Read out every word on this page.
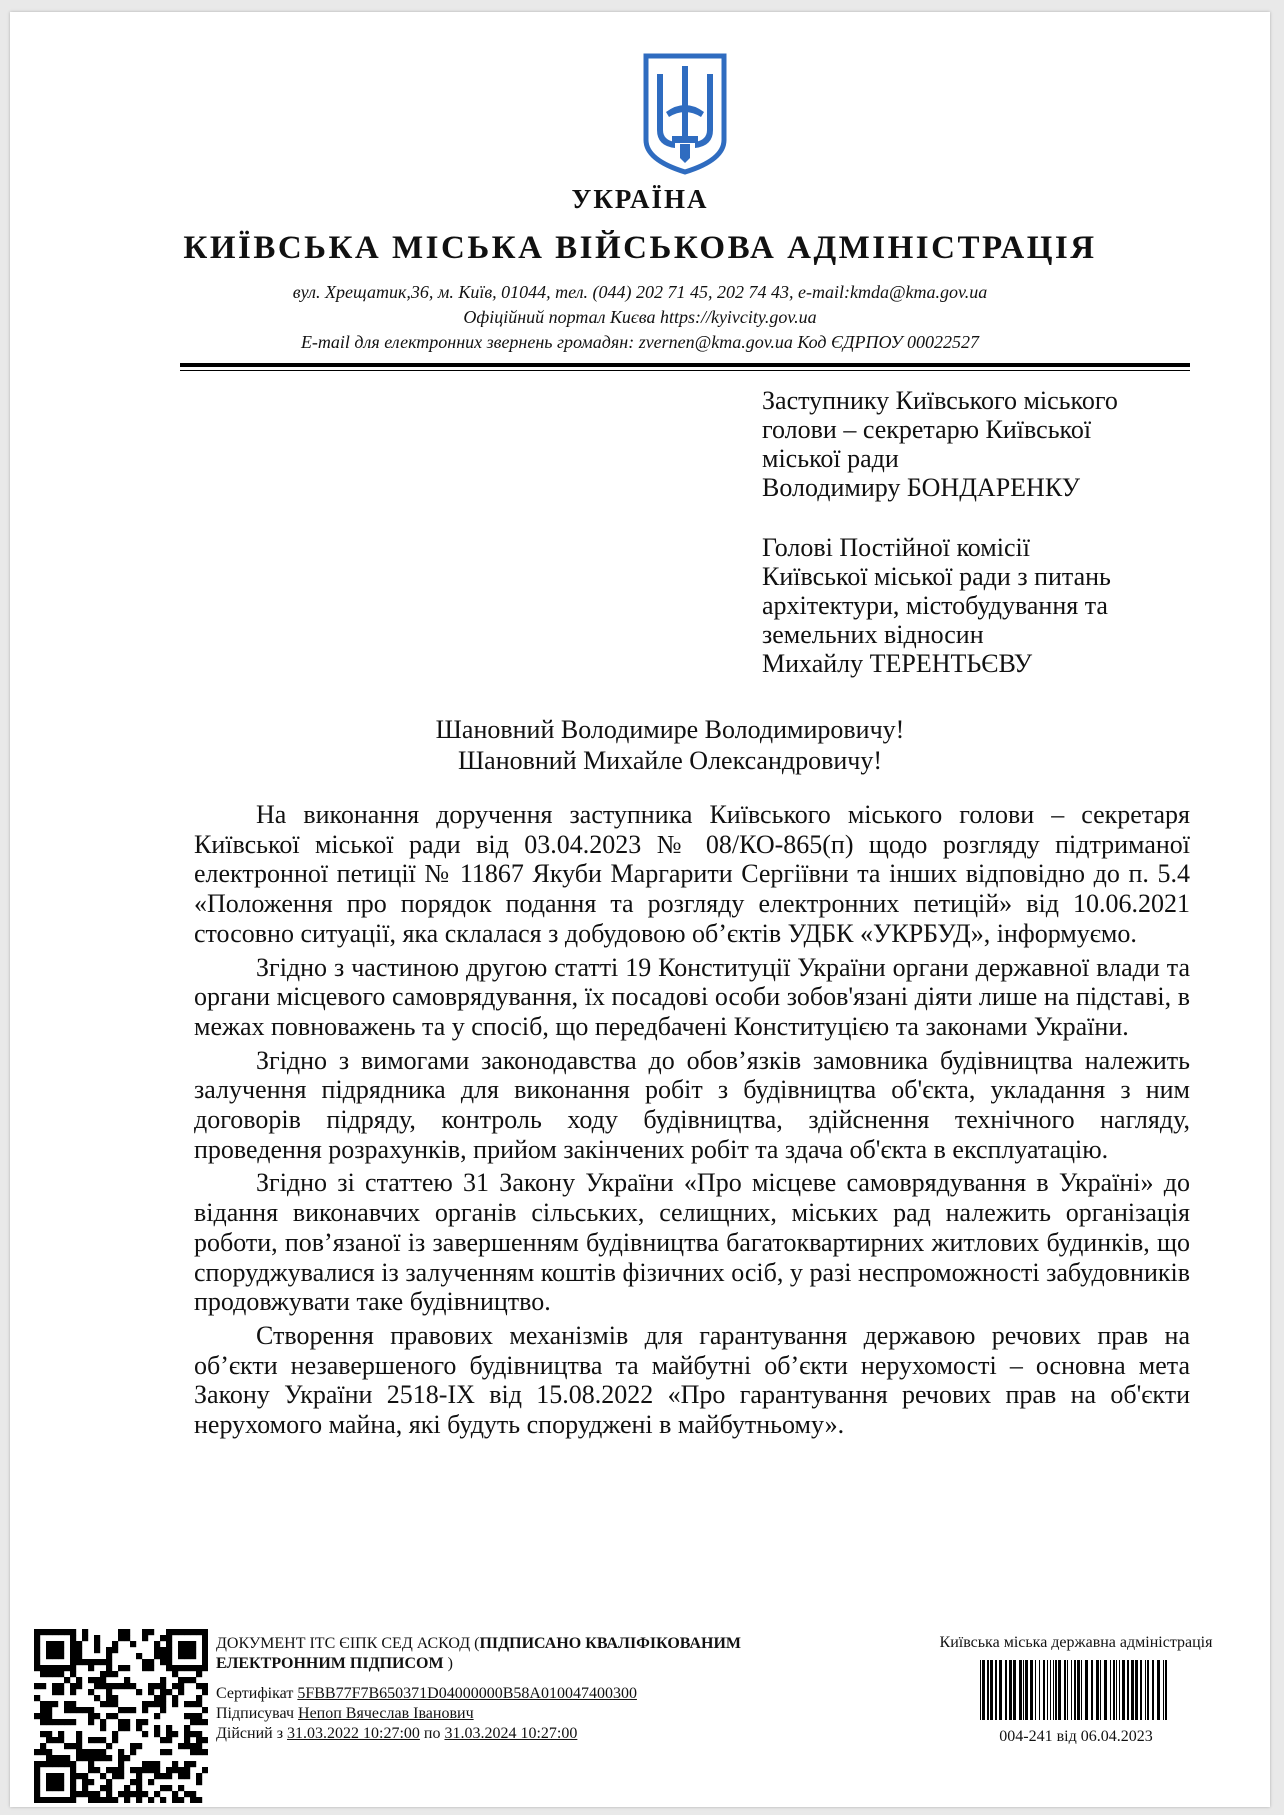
УКРАЇНА
КИЇВСЬКА МІСЬКА ВІЙСЬКОВА АДМІНІСТРАЦІЯ
вул. Хрещатик,36, м. Київ, 01044, тел. (044) 202 71 45, 202 74 43, e-mail:kmda@kma.gov.ua
Офіційний портал Києва https://kyivcity.gov.ua
E-mail для електронних звернень громадян: zvernen@kma.gov.ua Код ЄДРПОУ 00022527

Заступнику Київського міського
голови – секретарю Київської
міської ради
Володимиру БОНДАРЕНКУ

Голові Постійної комісії
Київської міської ради з питань
архітектури, містобудування та
земельних відносин
Михайлу ТЕРЕНТЬЄВУ

Шановний Володимире Володимировичу!
Шановний Михайле Олександровичу!

На виконання доручення заступника Київського міського голови – секретаря Київської міської ради від 03.04.2023 № 08/КО-865(п) щодо розгляду підтриманої електронної петиції № 11867 Якуби Маргарити Сергіївни та інших відповідно до п. 5.4 «Положення про порядок подання та розгляду електронних петицій» від 10.06.2021 стосовно ситуації, яка склалася з добудовою об’єктів УДБК «УКРБУД», інформуємо.

Згідно з частиною другою статті 19 Конституції України органи державної влади та органи місцевого самоврядування, їх посадові особи зобов'язані діяти лише на підставі, в межах повноважень та у спосіб, що передбачені Конституцією та законами України.

Згідно з вимогами законодавства до обов’язків замовника будівництва належить залучення підрядника для виконання робіт з будівництва об'єкта, укладання з ним договорів підряду, контроль ходу будівництва, здійснення технічного нагляду, проведення розрахунків, прийом закінчених робіт та здача об'єкта в експлуатацію.

Згідно зі статтею 31 Закону України «Про місцеве самоврядування в Україні» до відання виконавчих органів сільських, селищних, міських рад належить організація роботи, пов’язаної із завершенням будівництва багатоквартирних житлових будинків, що споруджувалися із залученням коштів фізичних осіб, у разі неспроможності забудовників продовжувати таке будівництво.

Створення правових механізмів для гарантування державою речових прав на об’єкти незавершеного будівництва та майбутні об’єкти нерухомості – основна мета Закону України 2518-IX від 15.08.2022 «Про гарантування речових прав на об'єкти нерухомого майна, які будуть споруджені в майбутньому».

ДОКУМЕНТ ІТС ЄІПК СЕД АСКОД (ПІДПИСАНО КВАЛІФІКОВАНИМ
ЕЛЕКТРОННИМ ПІДПИСОМ )
Сертифікат 5FBB77F7B650371D04000000B58A010047400300
Підписувач Непоп Вячеслав Іванович
Дійсний з 31.03.2022 10:27:00 по 31.03.2024 10:27:00
Київська міська державна адміністрація
004-241 від 06.04.2023
